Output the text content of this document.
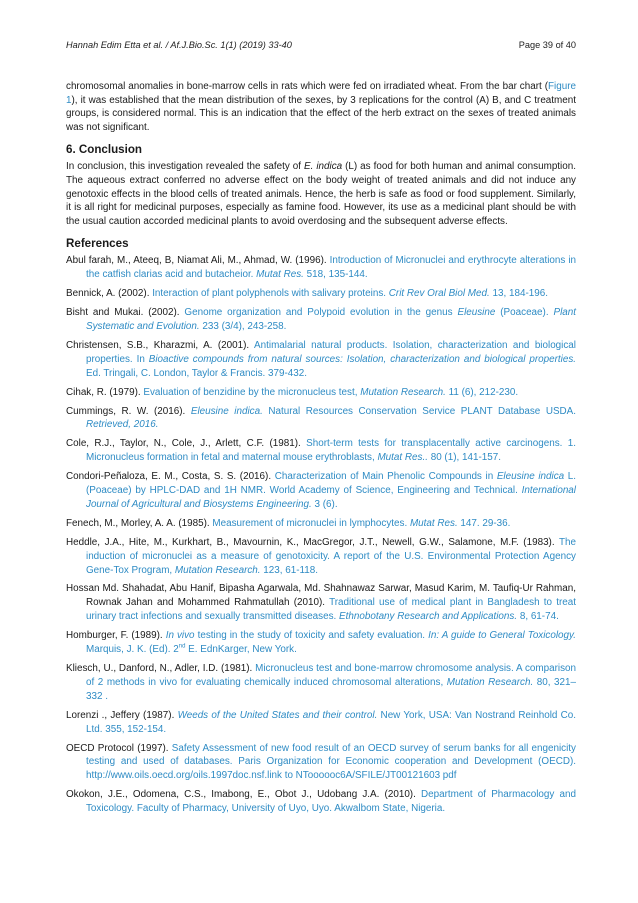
Hannah Edim Etta et al. / Af.J.Bio.Sc. 1(1) (2019) 33-40	Page 39 of 40

chromosomal anomalies in bone-marrow cells in rats which were fed on irradiated wheat. From the bar chart (Figure 1), it was established that the mean distribution of the sexes, by 3 replications for the control (A) B, and C treatment groups, is considered normal. This is an indication that the effect of the herb extract on the sexes of treated animals was not significant.

6. Conclusion

In conclusion, this investigation revealed the safety of E. indica (L) as food for both human and animal consumption. The aqueous extract conferred no adverse effect on the body weight of treated animals and did not induce any genotoxic effects in the blood cells of treated animals. Hence, the herb is safe as food or food supplement. Similarly, it is all right for medicinal purposes, especially as famine food. However, its use as a medicinal plant should be with the usual caution accorded medicinal plants to avoid overdosing and the subsequent adverse effects.

References

Abul farah, M., Ateeq, B, Niamat Ali, M., Ahmad, W. (1996). Introduction of Micronuclei and erythrocyte alterations in the catfish clarias acid and butacheior. Mutat Res. 518, 135-144.

Bennick, A. (2002). Interaction of plant polyphenols with salivary proteins. Crit Rev Oral Biol Med. 13, 184-196.

Bisht and Mukai. (2002). Genome organization and Polypoid evolution in the genus Eleusine (Poaceae). Plant Systematic and Evolution. 233 (3/4), 243-258.

Christensen, S.B., Kharazmi, A. (2001). Antimalarial natural products. Isolation, characterization and biological properties. In Bioactive compounds from natural sources: Isolation, characterization and biological properties. Ed. Tringali, C. London, Taylor & Francis. 379-432.

Cihak, R. (1979). Evaluation of benzidine by the micronucleus test, Mutation Research. 11 (6), 212-230.

Cummings, R. W. (2016). Eleusine indica. Natural Resources Conservation Service PLANT Database USDA. Retrieved, 2016.

Cole, R.J., Taylor, N., Cole, J., Arlett, C.F. (1981). Short-term tests for transplacentally active carcinogens. 1. Micronucleus formation in fetal and maternal mouse erythroblasts, Mutat Res.. 80 (1), 141-157.

Condori-Peñaloza, E. M., Costa, S. S. (2016). Characterization of Main Phenolic Compounds in Eleusine indica L. (Poaceae) by HPLC-DAD and 1H NMR. World Academy of Science, Engineering and Technical. International Journal of Agricultural and Biosystems Engineering. 3 (6).

Fenech, M., Morley, A. A. (1985). Measurement of micronuclei in lymphocytes. Mutat Res. 147. 29-36.

Heddle, J.A., Hite, M., Kurkhart, B., Mavournin, K., MacGregor, J.T., Newell, G.W., Salamone, M.F. (1983). The induction of micronuclei as a measure of genotoxicity. A report of the U.S. Environmental Protection Agency Gene-Tox Program, Mutation Research. 123, 61-118.

Hossan Md. Shahadat, Abu Hanif, Bipasha Agarwala, Md. Shahnawaz Sarwar, Masud Karim, M. Taufiq-Ur Rahman, Rownak Jahan and Mohammed Rahmatullah (2010). Traditional use of medical plant in Bangladesh to treat urinary tract infections and sexually transmitted diseases. Ethnobotany Research and Applications. 8, 61-74.

Homburger, F. (1989). In vivo testing in the study of toxicity and safety evaluation. In: A guide to General Toxicology. Marquis, J. K. (Ed). 2nd E. EdnKarger, New York.

Kliesch, U., Danford, N., Adler, I.D. (1981). Micronucleus test and bone-marrow chromosome analysis. A comparison of 2 methods in vivo for evaluating chemically induced chromosomal alterations, Mutation Research. 80, 321–332 .

Lorenzi ., Jeffery (1987). Weeds of the United States and their control. New York, USA: Van Nostrand Reinhold Co. Ltd. 355, 152-154.

OECD Protocol (1997). Safety Assessment of new food result of an OECD survey of serum banks for all engenicity testing and used of databases. Paris Organization for Economic cooperation and Development (OECD). http://www.oils.oecd.org/oils.1997doc.nsf.link to NToooooc6A/SFILE/JT00121603 pdf

Okokon, J.E., Odomena, C.S., Imabong, E., Obot J., Udobang J.A. (2010). Department of Pharmacology and Toxicology. Faculty of Pharmacy, University of Uyo, Uyo. Akwalbom State, Nigeria.
